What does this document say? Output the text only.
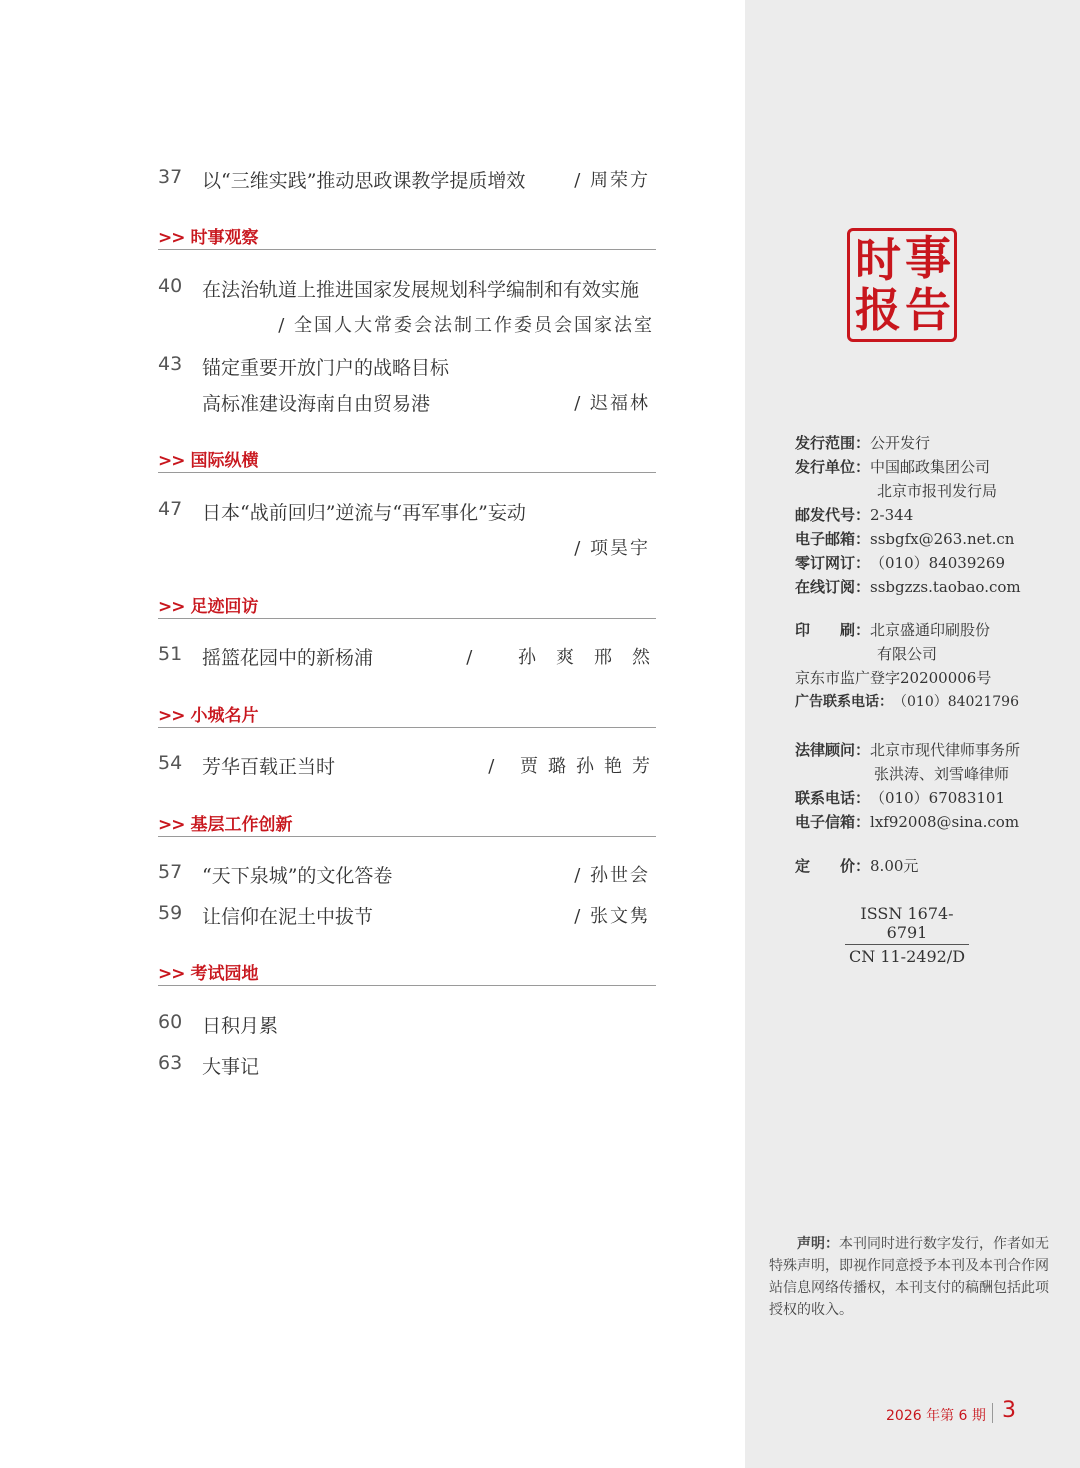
37 以“三维实践”推动思政课教学提质增效	/ 周荣方
>> 时事观察
40 在法治轨道上推进国家发展规划科学编制和有效实施
/ 全国人大常委会法制工作委员会国家法室
43 锚定重要开放门户的战略目标
高标准建设海南自由贸易港	/ 迟福林
>> 国际纵横
47 日本“战前回归”逆流与“再军事化”妄动
/ 项昊宇
>> 足迹回访
51 摇篮花园中的新杨浦	/ 孙爽邢然
>> 小城名片
54 芳华百载正当时	/ 贾璐孙艳芳
>> 基层工作创新
57 “天下泉城”的文化答卷	/ 孙世会
59 让信仰在泥土中拔节	/ 张文隽
>> 考试园地
60 日积月累
63 大事记
时 事
报 告
发行范围：公开发行
发行单位：中国邮政集团公司
北京市报刊发行局
邮发代号：2-344
电子邮箱：ssbgfx@263.net.cn
零订网订：（010）84039269
在线订阅：ssbgzzs.taobao.com
印　　刷：北京盛通印刷股份
有限公司
京东市监广登字20200006号
广告联系电话：（010）84021796
法律顾问：北京市现代律师事务所
张洪涛、刘雪峰律师
联系电话：（010）67083101
电子信箱：lxf92008@sina.com
定　　价：8.00元
ISSN 1674-6791
CN 11-2492/D
声明：本刊同时进行数字发行，作者如无特殊声明，即视作同意授予本刊及本刊合作网站信息网络传播权，本刊支付的稿酬包括此项授权的收入。
2026 年第 6 期 3
